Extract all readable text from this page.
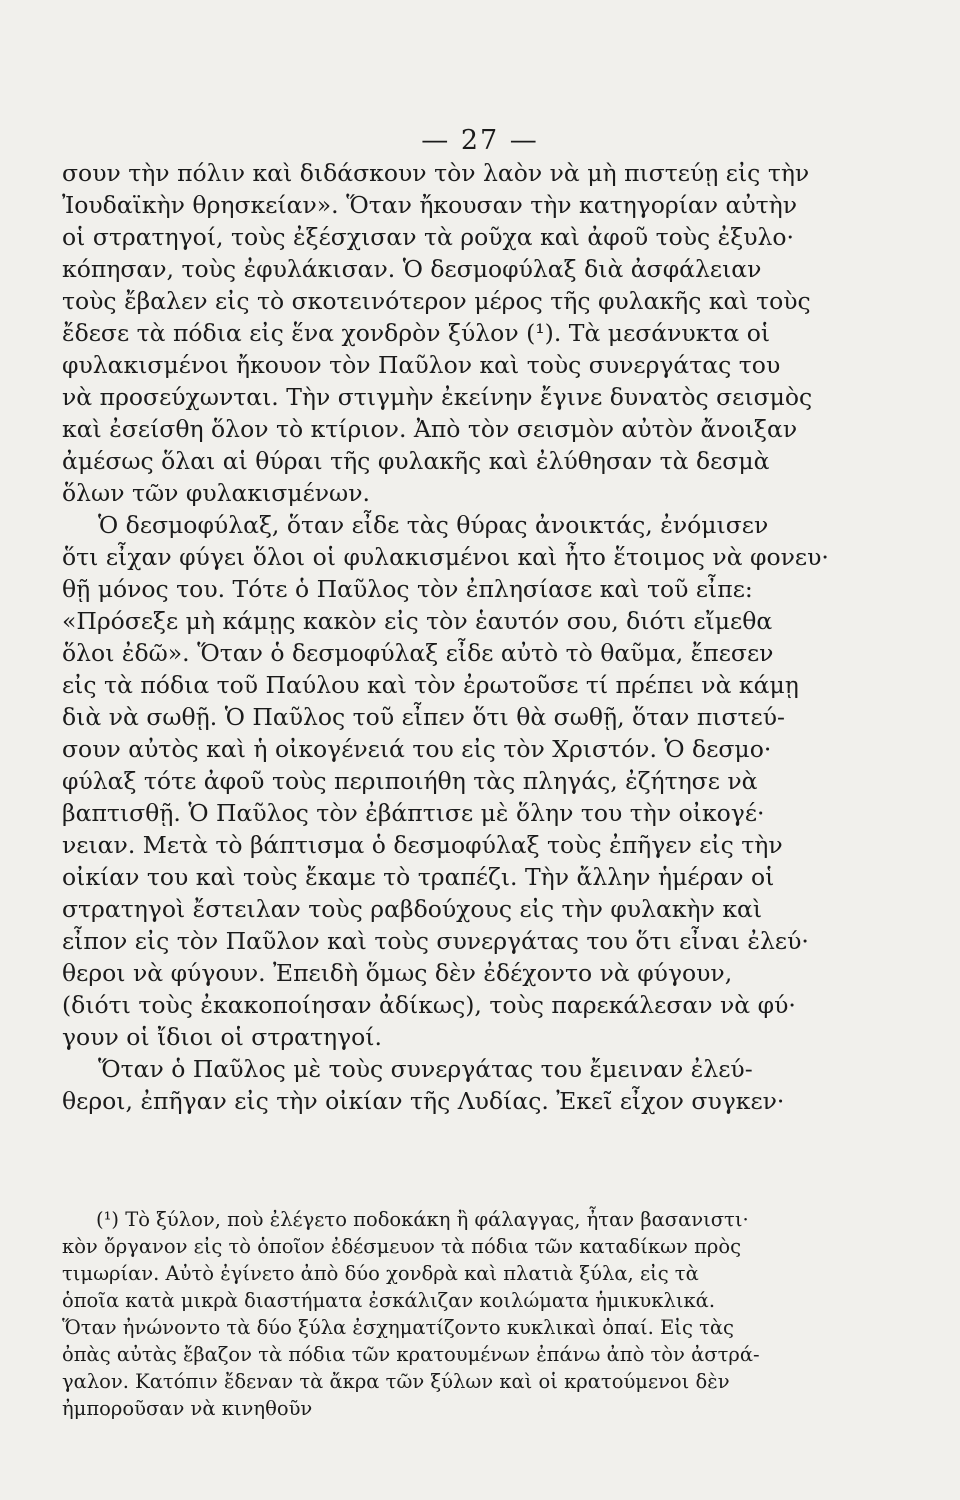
— 27 —
σουν τὴν πόλιν καὶ διδάσκουν τὸν λαὸν νὰ μὴ πιστεύῃ εἰς τὴν
Ἰουδαϊκὴν θρησκείαν». Ὅταν ἤκουσαν τὴν κατηγορίαν αὐτὴν
οἱ στρατηγοί, τοὺς ἐξέσχισαν τὰ ροῦχα καὶ ἀφοῦ τοὺς ἐξυλο·
κόπησαν, τοὺς ἐφυλάκισαν. Ὁ δεσμοφύλαξ διὰ ἀσφάλειαν
τοὺς ἔβαλεν εἰς τὸ σκοτεινότερον μέρος τῆς φυλακῆς καὶ τοὺς
ἔδεσε τὰ πόδια εἰς ἕνα χονδρὸν ξύλον (¹). Τὰ μεσάνυκτα οἱ
φυλακισμένοι ἤκουον τὸν Παῦλον καὶ τοὺς συνεργάτας του
νὰ προσεύχωνται. Τὴν στιγμὴν ἐκείνην ἔγινε δυνατὸς σεισμὸς
καὶ ἐσείσθη ὅλον τὸ κτίριον. Ἀπὸ τὸν σεισμὸν αὐτὸν ἄνοιξαν
ἀμέσως ὅλαι αἱ θύραι τῆς φυλακῆς καὶ ἐλύθησαν τὰ δεσμὰ
ὅλων τῶν φυλακισμένων.
Ὁ δεσμοφύλαξ, ὅταν εἶδε τὰς θύρας ἀνοικτάς, ἐνόμισεν
ὅτι εἶχαν φύγει ὅλοι οἱ φυλακισμένοι καὶ ἦτο ἕτοιμος νὰ φονευ·
θῇ μόνος του. Τότε ὁ Παῦλος τὸν ἐπλησίασε καὶ τοῦ εἶπε:
«Πρόσεξε μὴ κάμῃς κακὸν εἰς τὸν ἑαυτόν σου, διότι εἴμεθα
ὅλοι ἐδῶ». Ὅταν ὁ δεσμοφύλαξ εἶδε αὐτὸ τὸ θαῦμα, ἔπεσεν
εἰς τὰ πόδια τοῦ Παύλου καὶ τὸν ἐρωτοῦσε τί πρέπει νὰ κάμῃ
διὰ νὰ σωθῇ. Ὁ Παῦλος τοῦ εἶπεν ὅτι θὰ σωθῇ, ὅταν πιστεύ-
σουν αὐτὸς καὶ ἡ οἰκογένειά του εἰς τὸν Χριστόν. Ὁ δεσμο·
φύλαξ τότε ἀφοῦ τοὺς περιποιήθη τὰς πληγάς, ἐζήτησε νὰ
βαπτισθῇ. Ὁ Παῦλος τὸν ἐβάπτισε μὲ ὅλην του τὴν οἰκογέ·
νειαν. Μετὰ τὸ βάπτισμα ὁ δεσμοφύλαξ τοὺς ἐπῆγεν εἰς τὴν
οἰκίαν του καὶ τοὺς ἔκαμε τὸ τραπέζι. Τὴν ἄλλην ἡμέραν οἱ
στρατηγοὶ ἔστειλαν τοὺς ραβδούχους εἰς τὴν φυλακὴν καὶ
εἶπον εἰς τὸν Παῦλον καὶ τοὺς συνεργάτας του ὅτι εἶναι ἐλεύ·
θεροι νὰ φύγουν. Ἐπειδὴ ὅμως δὲν ἐδέχοντο νὰ φύγουν,
(διότι τοὺς ἐκακοποίησαν ἀδίκως), τοὺς παρεκάλεσαν νὰ φύ·
γουν οἱ ἴδιοι οἱ στρατηγοί.
Ὅταν ὁ Παῦλος μὲ τοὺς συνεργάτας του ἔμειναν ἐλεύ-
θεροι, ἐπῆγαν εἰς τὴν οἰκίαν τῆς Λυδίας. Ἐκεῖ εἶχον συγκεν·
(¹) Τὸ ξύλον, ποὺ ἐλέγετο ποδοκάκη ἢ φάλαγγας, ἦταν βασανιστι·
κὸν ὄργανον εἰς τὸ ὁποῖον ἐδέσμευον τὰ πόδια τῶν καταδίκων πρὸς
τιμωρίαν. Αὐτὸ ἐγίνετο ἀπὸ δύο χονδρὰ καὶ πλατιὰ ξύλα, εἰς τὰ
ὁποῖα κατὰ μικρὰ διαστήματα ἐσκάλιζαν κοιλώματα ἡμικυκλικά.
Ὅταν ἠνώνοντο τὰ δύο ξύλα ἐσχηματίζοντο κυκλικαὶ ὀπαί. Εἰς τὰς
ὀπὰς αὐτὰς ἔβαζον τὰ πόδια τῶν κρατουμένων ἐπάνω ἀπὸ τὸν ἀστρά-
γαλον. Κατόπιν ἔδεναν τὰ ἄκρα τῶν ξύλων καὶ οἱ κρατούμενοι δὲν
ἠμποροῦσαν νὰ κινηθοῦν
